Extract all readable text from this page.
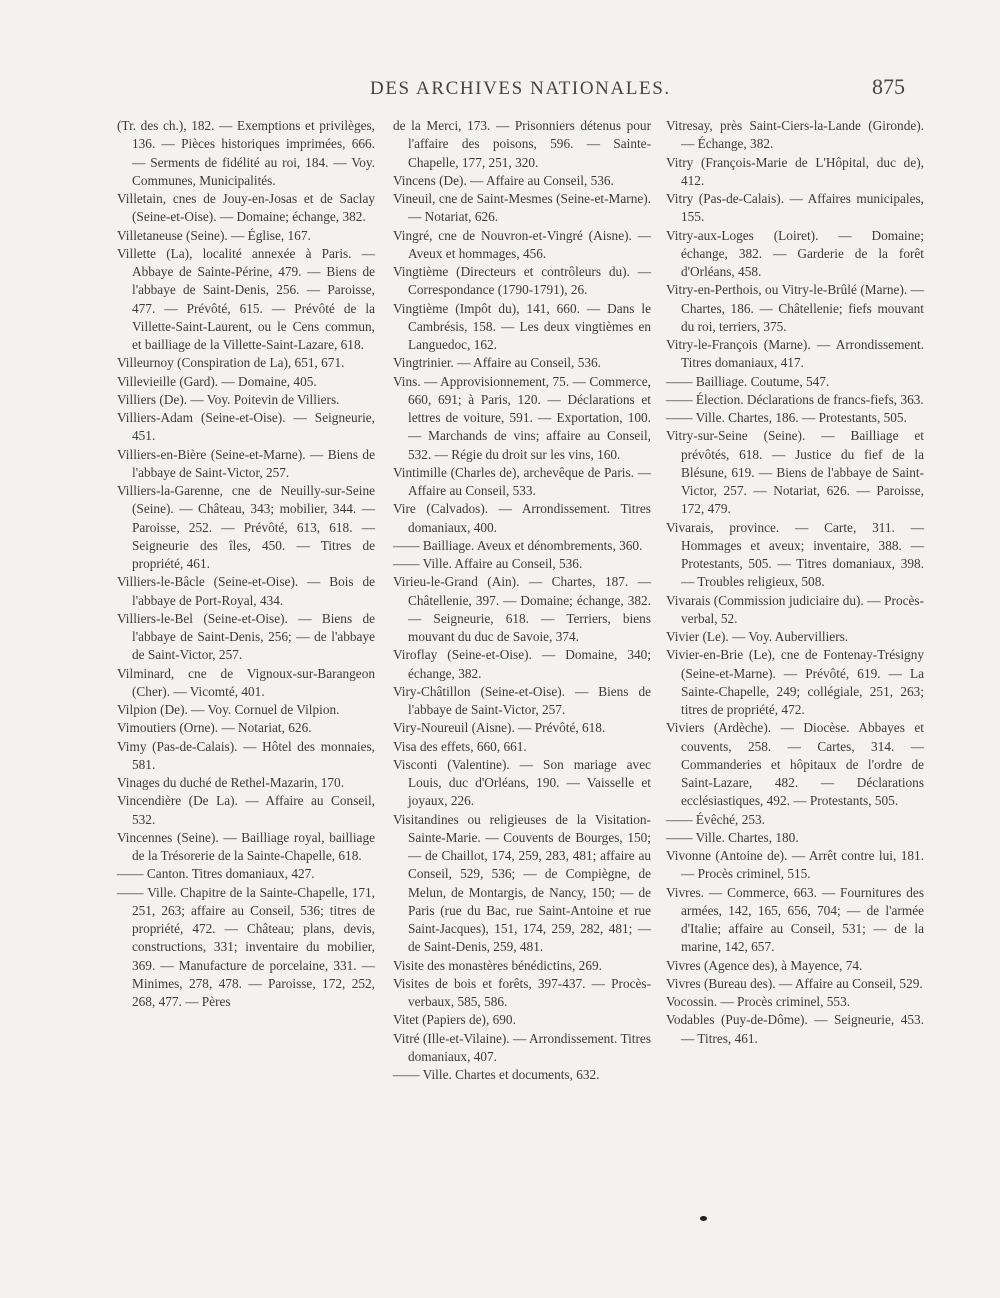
DES ARCHIVES NATIONALES.	875

(Tr. des ch.), 182. — Exemptions et privilèges, 136. — Pièces historiques imprimées, 666. — Serments de fidélité au roi, 184. — Voy. Communes, Municipalités.

Villetain, cnes de Jouy-en-Josas et de Saclay (Seine-et-Oise). — Domaine; échange, 382.

Villetaneuse (Seine). — Église, 167.

Villette (La), localité annexée à Paris. — Abbaye de Sainte-Périne, 479. — Biens de l'abbaye de Saint-Denis, 256. — Paroisse, 477. — Prévôté, 615. — Prévôté de la Villette-Saint-Laurent, ou le Cens commun, et bailliage de la Villette-Saint-Lazare, 618.

Villeurnoy (Conspiration de La), 651, 671.

Villevieille (Gard). — Domaine, 405.

Villiers (De). — Voy. Poitevin de Villiers.

Villiers-Adam (Seine-et-Oise). — Seigneurie, 451.

Villiers-en-Bière (Seine-et-Marne). — Biens de l'abbaye de Saint-Victor, 257.

Villiers-la-Garenne, cne de Neuilly-sur-Seine (Seine). — Château, 343; mobilier, 344. — Paroisse, 252. — Prévôté, 613, 618. — Seigneurie des îles, 450. — Titres de propriété, 461.

Villiers-le-Bâcle (Seine-et-Oise). — Bois de l'abbaye de Port-Royal, 434.

Villiers-le-Bel (Seine-et-Oise). — Biens de l'abbaye de Saint-Denis, 256; — de l'abbaye de Saint-Victor, 257.

Vilminard, cne de Vignoux-sur-Barangeon (Cher). — Vicomté, 401.

Vilpion (De). — Voy. Cornuel de Vilpion.

Vimoutiers (Orne). — Notariat, 626.

Vimy (Pas-de-Calais). — Hôtel des monnaies, 581.

Vinages du duché de Rethel-Mazarin, 170.

Vincendière (De La). — Affaire au Conseil, 532.

Vincennes (Seine). — Bailliage royal, bailliage de la Trésorerie de la Sainte-Chapelle, 618.

—— Canton. Titres domaniaux, 427.

—— Ville. Chapitre de la Sainte-Chapelle, 171, 251, 263; affaire au Conseil, 536; titres de propriété, 472. — Château; plans, devis, constructions, 331; inventaire du mobilier, 369. — Manufacture de porcelaine, 331. — Minimes, 278, 478. — Paroisse, 172, 252, 268, 477. — Pères

de la Merci, 173. — Prisonniers détenus pour l'affaire des poisons, 596. — Sainte-Chapelle, 177, 251, 320.

Vincens (De). — Affaire au Conseil, 536.

Vineuil, cne de Saint-Mesmes (Seine-et-Marne). — Notariat, 626.

Vingré, cne de Nouvron-et-Vingré (Aisne). — Aveux et hommages, 456.

Vingtième (Directeurs et contrôleurs du). — Correspondance (1790-1791), 26.

Vingtième (Impôt du), 141, 660. — Dans le Cambrésis, 158. — Les deux vingtièmes en Languedoc, 162.

Vingtrinier. — Affaire au Conseil, 536.

Vins. — Approvisionnement, 75. — Commerce, 660, 691; à Paris, 120. — Déclarations et lettres de voiture, 591. — Exportation, 100. — Marchands de vins; affaire au Conseil, 532. — Régie du droit sur les vins, 160.

Vintimille (Charles de), archevêque de Paris. — Affaire au Conseil, 533.

Vire (Calvados). — Arrondissement. Titres domaniaux, 400.

—— Bailliage. Aveux et dénombrements, 360.

—— Ville. Affaire au Conseil, 536.

Virieu-le-Grand (Ain). — Chartes, 187. — Châtellenie, 397. — Domaine; échange, 382. — Seigneurie, 618. — Terriers, biens mouvant du duc de Savoie, 374.

Viroflay (Seine-et-Oise). — Domaine, 340; échange, 382.

Viry-Châtillon (Seine-et-Oise). — Biens de l'abbaye de Saint-Victor, 257.

Viry-Noureuil (Aisne). — Prévôté, 618.

Visa des effets, 660, 661.

Visconti (Valentine). — Son mariage avec Louis, duc d'Orléans, 190. — Vaisselle et joyaux, 226.

Visitandines ou religieuses de la Visitation-Sainte-Marie. — Couvents de Bourges, 150; — de Chaillot, 174, 259, 283, 481; affaire au Conseil, 529, 536; — de Compiègne, de Melun, de Montargis, de Nancy, 150; — de Paris (rue du Bac, rue Saint-Antoine et rue Saint-Jacques), 151, 174, 259, 282, 481; — de Saint-Denis, 259, 481.

Visite des monastères bénédictins, 269.

Visites de bois et forêts, 397-437. — Procès-verbaux, 585, 586.

Vitet (Papiers de), 690.

Vitré (Ille-et-Vilaine). — Arrondissement. Titres domaniaux, 407.

—— Ville. Chartes et documents, 632.

Vitresay, près Saint-Ciers-la-Lande (Gironde). — Échange, 382.

Vitry (François-Marie de L'Hôpital, duc de), 412.

Vitry (Pas-de-Calais). — Affaires municipales, 155.

Vitry-aux-Loges (Loiret). — Domaine; échange, 382. — Garderie de la forêt d'Orléans, 458.

Vitry-en-Perthois, ou Vitry-le-Brûlé (Marne). — Chartes, 186. — Châtellenie; fiefs mouvant du roi, terriers, 375.

Vitry-le-François (Marne). — Arrondissement. Titres domaniaux, 417.

—— Bailliage. Coutume, 547.

—— Élection. Déclarations de francs-fiefs, 363.

—— Ville. Chartes, 186. — Protestants, 505.

Vitry-sur-Seine (Seine). — Bailliage et prévôtés, 618. — Justice du fief de la Blésune, 619. — Biens de l'abbaye de Saint-Victor, 257. — Notariat, 626. — Paroisse, 172, 479.

Vivarais, province. — Carte, 311. — Hommages et aveux; inventaire, 388. — Protestants, 505. — Titres domaniaux, 398. — Troubles religieux, 508.

Vivarais (Commission judiciaire du). — Procès-verbal, 52.

Vivier (Le). — Voy. Aubervilliers.

Vivier-en-Brie (Le), cne de Fontenay-Trésigny (Seine-et-Marne). — Prévôté, 619. — La Sainte-Chapelle, 249; collégiale, 251, 263; titres de propriété, 472.

Viviers (Ardèche). — Diocèse. Abbayes et couvents, 258. — Cartes, 314. — Commanderies et hôpitaux de l'ordre de Saint-Lazare, 482. — Déclarations ecclésiastiques, 492. — Protestants, 505.

—— Évêché, 253.

—— Ville. Chartes, 180.

Vivonne (Antoine de). — Arrêt contre lui, 181. — Procès criminel, 515.

Vivres. — Commerce, 663. — Fournitures des armées, 142, 165, 656, 704; — de l'armée d'Italie; affaire au Conseil, 531; — de la marine, 142, 657.

Vivres (Agence des), à Mayence, 74.

Vivres (Bureau des). — Affaire au Conseil, 529.

Vocossin. — Procès criminel, 553.

Vodables (Puy-de-Dôme). — Seigneurie, 453. — Titres, 461.
